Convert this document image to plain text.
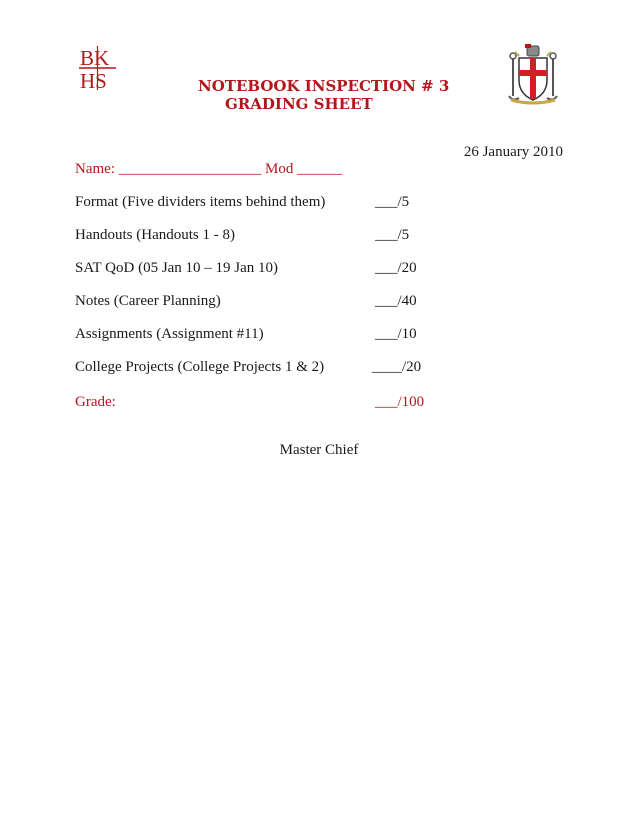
BK
HS	NOTEBOOK INSPECTION # 3
GRADING SHEET
26 January 2010
Name: ___________________ Mod ______
Format (Five dividers items behind them)	___/5
Handouts (Handouts 1 - 8)	___/5
SAT QoD (05 Jan 10 – 19 Jan 10)	___/20
Notes (Career Planning)	___/40
Assignments (Assignment #11)	___/10
College Projects (College Projects 1 & 2)	____/20
Grade:	___/100
Master Chief
